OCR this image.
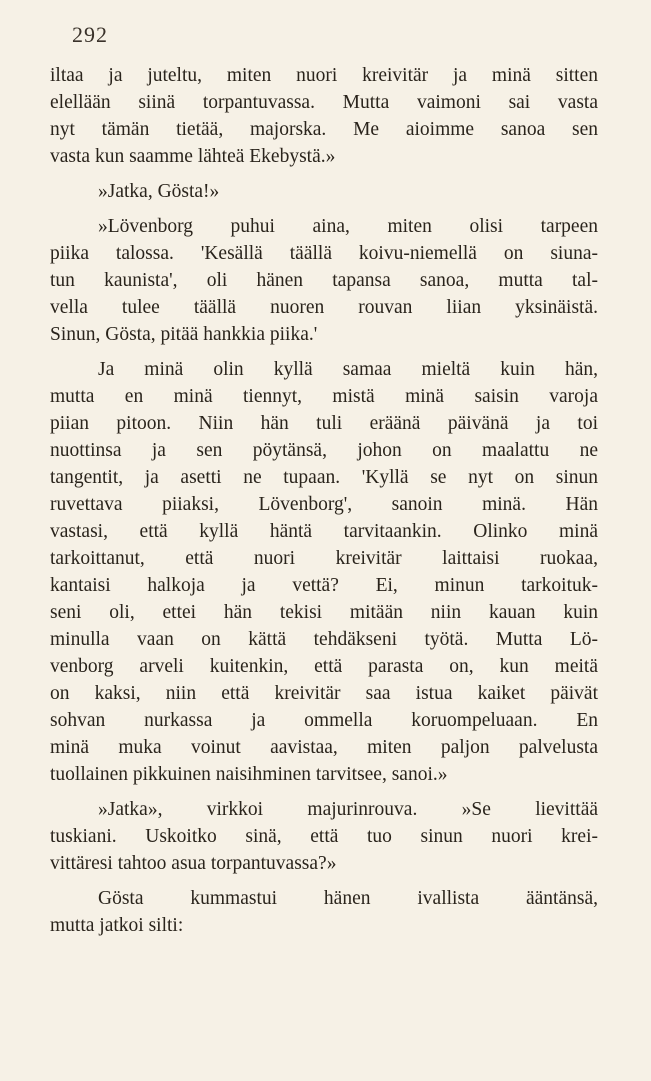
292
iltaa ja juteltu, miten nuori kreivitär ja minä sitten
elellään siinä torpantuvassa. Mutta vaimoni sai vasta
nyt tämän tietää, majorska. Me aioimme sanoa sen
vasta kun saamme lähteä Ekebystä.»
»Jatka, Gösta!»
»Lövenborg puhui aina, miten olisi tarpeen
piika talossa. 'Kesällä täällä koivu-niemellä on siuna-
tun kaunista', oli hänen tapansa sanoa, mutta tal-
vella tulee täällä nuoren rouvan liian yksinäistä.
Sinun, Gösta, pitää hankkia piika.'
Ja minä olin kyllä samaa mieltä kuin hän,
mutta en minä tiennyt, mistä minä saisin varoja
piian pitoon. Niin hän tuli eräänä päivänä ja toi
nuottinsa ja sen pöytänsä, johon on maalattu ne
tangentit, ja asetti ne tupaan. 'Kyllä se nyt on sinun
ruvettava piiaksi, Lövenborg', sanoin minä. Hän
vastasi, että kyllä häntä tarvitaankin. Olinko minä
tarkoittanut, että nuori kreivitär laittaisi ruokaa,
kantaisi halkoja ja vettä? Ei, minun tarkoituk-
seni oli, ettei hän tekisi mitään niin kauan kuin
minulla vaan on kättä tehdäkseni työtä. Mutta Lö-
venborg arveli kuitenkin, että parasta on, kun meitä
on kaksi, niin että kreivitär saa istua kaiket päivät
sohvan nurkassa ja ommella koruompeluaan. En
minä muka voinut aavistaa, miten paljon palvelusta
tuollainen pikkuinen naisihminen tarvitsee, sanoi.»
»Jatka», virkkoi majurinrouva. »Se lievittää
tuskiani. Uskoitko sinä, että tuo sinun nuori krei-
vittäresi tahtoo asua torpantuvassa?»
Gösta kummastui hänen ivallista ääntänsä,
mutta jatkoi silti:
